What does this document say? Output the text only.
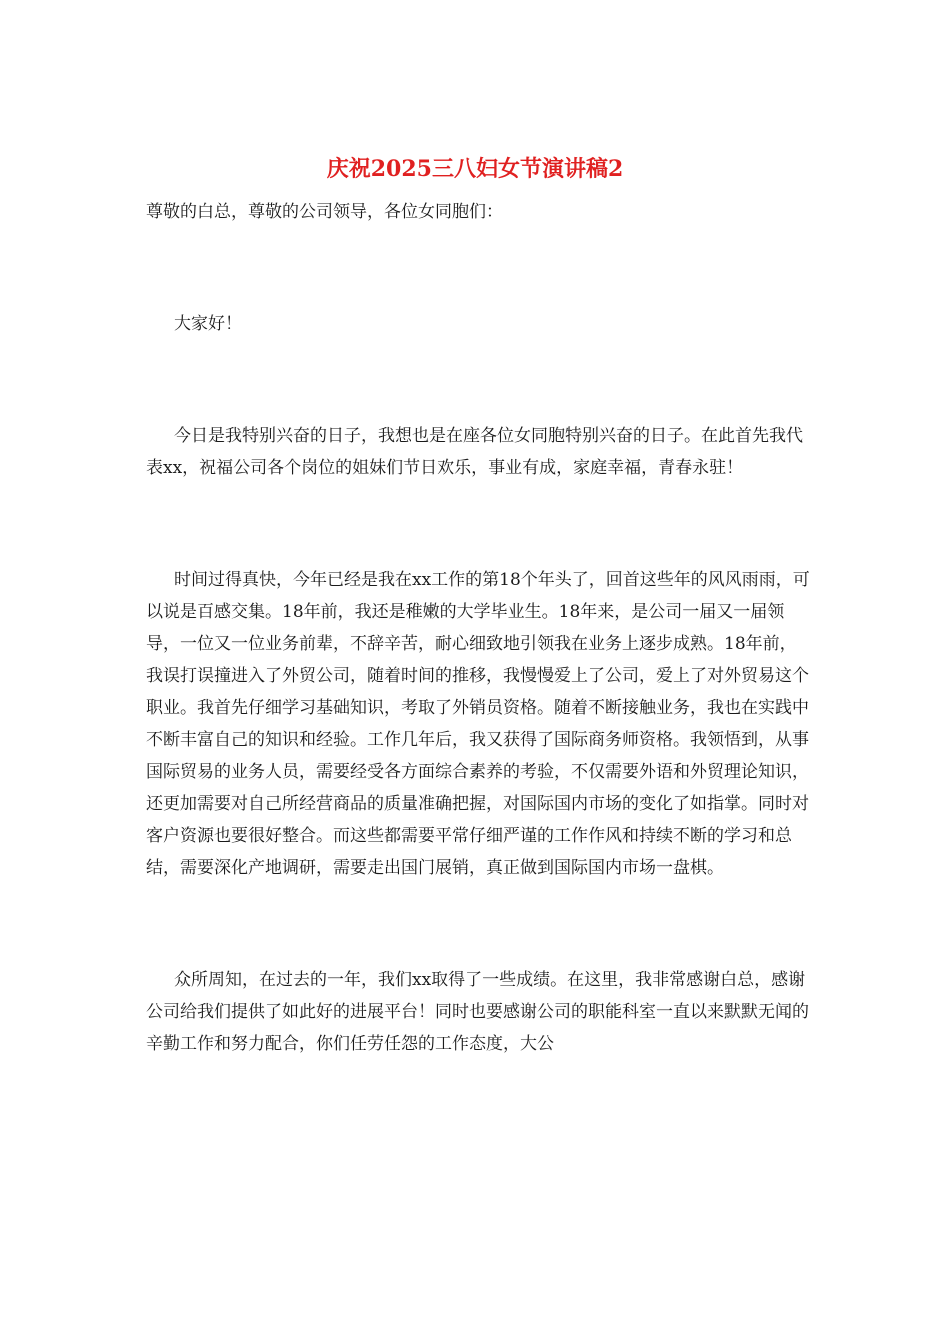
庆祝2025三八妇女节演讲稿2

尊敬的白总，尊敬的公司领导，各位女同胞们：

大家好！

今日是我特别兴奋的日子，我想也是在座各位女同胞特别兴奋的日子。在此首先我代表xx，祝福公司各个岗位的姐妹们节日欢乐，事业有成，家庭幸福，青春永驻！

时间过得真快，今年已经是我在xx工作的第18个年头了，回首这些年的风风雨雨，可以说是百感交集。18年前，我还是稚嫩的大学毕业生。18年来，是公司一届又一届领导，一位又一位业务前辈，不辞辛苦，耐心细致地引领我在业务上逐步成熟。18年前，我误打误撞进入了外贸公司，随着时间的推移，我慢慢爱上了公司，爱上了对外贸易这个职业。我首先仔细学习基础知识，考取了外销员资格。随着不断接触业务，我也在实践中不断丰富自己的知识和经验。工作几年后，我又获得了国际商务师资格。我领悟到，从事国际贸易的业务人员，需要经受各方面综合素养的考验，不仅需要外语和外贸理论知识，还更加需要对自己所经营商品的质量准确把握，对国际国内市场的变化了如指掌。同时对客户资源也要很好整合。而这些都需要平常仔细严谨的工作作风和持续不断的学习和总结，需要深化产地调研，需要走出国门展销，真正做到国际国内市场一盘棋。

众所周知，在过去的一年，我们xx取得了一些成绩。在这里，我非常感谢白总，感谢公司给我们提供了如此好的进展平台！同时也要感谢公司的职能科室一直以来默默无闻的辛勤工作和努力配合，你们任劳任怨的工作态度，大公
